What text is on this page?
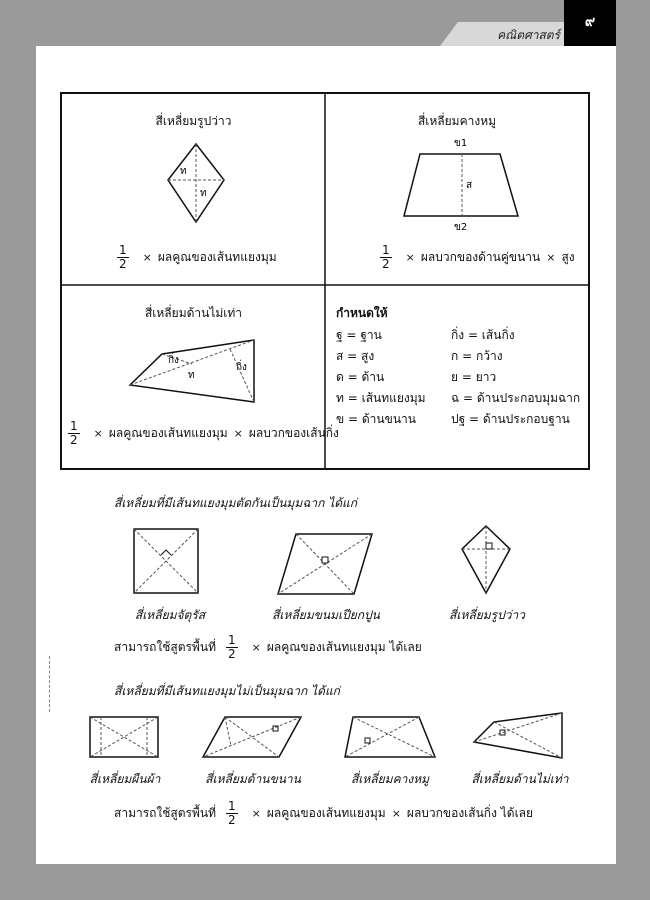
คณิตศาสตร์
๙
สี่เหลี่ยมรูปว่าว
ท
ท
$\frac{1}{2}$ × ผลคูณของเส้นทแยงมุม
สี่เหลี่ยมคางหมู
ข1
ส
ข2
$\frac{1}{2}$ × ผลบวกของด้านคู่ขนาน × สูง
สี่เหลี่ยมด้านไม่เท่า
กิ่ง
ท
กิ่ง
$\frac{1}{2}$ × ผลคูณของเส้นทแยงมุม × ผลบวกของเส้นกิ่ง
กำหนดให้
ฐ = ฐาน
ส = สูง
ด = ด้าน
ท = เส้นทแยงมุม
ข = ด้านขนาน
กิ่ง = เส้นกิ่ง
ก = กว้าง
ย = ยาว
ฉ = ด้านประกอบมุมฉาก
ปฐ = ด้านประกอบฐาน
สี่เหลี่ยมที่มีเส้นทแยงมุมตัดกันเป็นมุมฉาก ได้แก่
สี่เหลี่ยมจัตุรัส	สี่เหลี่ยมขนมเปียกปูน	สี่เหลี่ยมรูปว่าว
สามารถใช้สูตรพื้นที่ $\frac{1}{2}$ × ผลคูณของเส้นทแยงมุม ได้เลย
สี่เหลี่ยมที่มีเส้นทแยงมุมไม่เป็นมุมฉาก ได้แก่
สี่เหลี่ยมผืนผ้า	สี่เหลี่ยมด้านขนาน	สี่เหลี่ยมคางหมู	สี่เหลี่ยมด้านไม่เท่า
สามารถใช้สูตรพื้นที่ $\frac{1}{2}$ × ผลคูณของเส้นทแยงมุม × ผลบวกของเส้นกิ่ง ได้เลย
